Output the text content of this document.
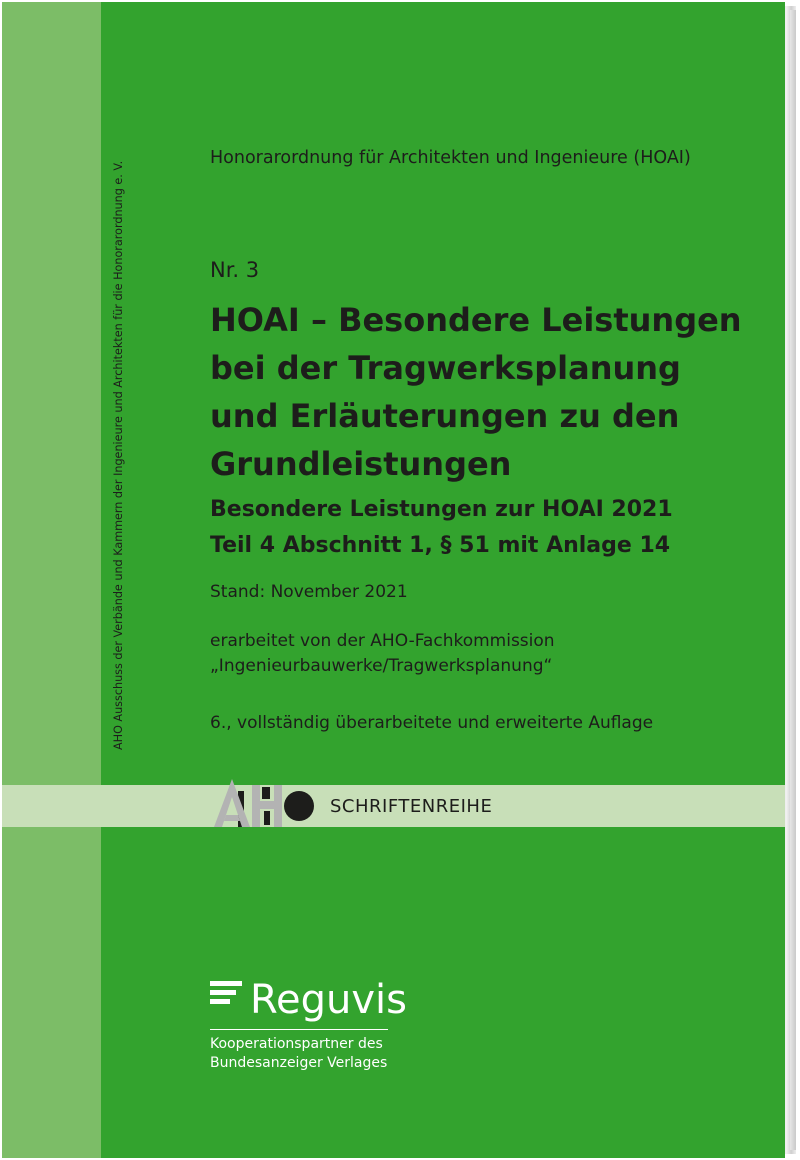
AHO Ausschuss der Verbände und Kammern der Ingenieure und Architekten für die Honorarordnung e. V.
Honorarordnung für Architekten und Ingenieure (HOAI)
Nr. 3
HOAI – Besondere Leistungen
bei der Tragwerksplanung
und Erläuterungen zu den
Grundleistungen
Besondere Leistungen zur HOAI 2021
Teil 4 Abschnitt 1, § 51 mit Anlage 14
Stand: November 2021
erarbeitet von der AHO-Fachkommission
„Ingenieurbauwerke/Tragwerksplanung“
6., vollständig überarbeitete und erweiterte Auflage
SCHRIFTENREIHE
Reguvis
Kooperationspartner des
Bundesanzeiger Verlages
